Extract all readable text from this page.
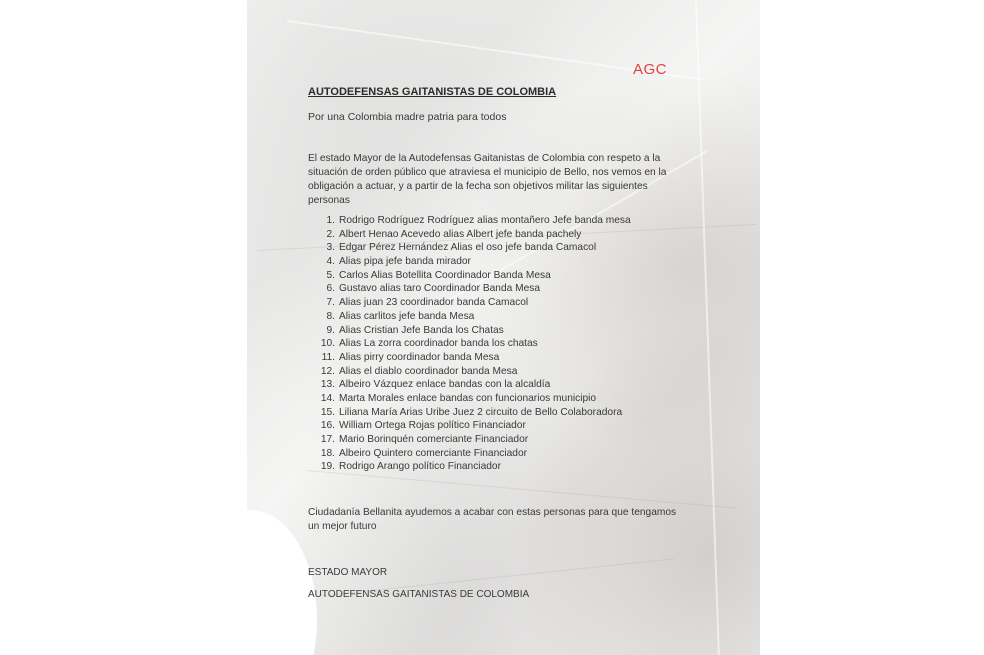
AGC
AUTODEFENSAS GAITANISTAS DE COLOMBIA
Por una Colombia madre patria para todos
El estado Mayor de la Autodefensas Gaitanistas de Colombia con respeto a la situación de orden público que atraviesa el municipio de Bello, nos vemos en la obligación a actuar, y a partir de la fecha son objetivos militar las siguientes personas
1. Rodrigo Rodríguez Rodríguez alias montañero Jefe banda mesa
2. Albert Henao Acevedo alias Albert jefe banda pachely
3. Edgar Pérez Hernández Alias el oso jefe banda Camacol
4. Alias pipa jefe banda mirador
5. Carlos Alias Botellita Coordinador Banda Mesa
6. Gustavo alias taro Coordinador Banda Mesa
7. Alias juan 23 coordinador banda Camacol
8. Alias carlitos jefe banda Mesa
9. Alias Cristian Jefe Banda los Chatas
10. Alias La zorra coordinador banda los chatas
11. Alias pirry coordinador banda Mesa
12. Alias el diablo coordinador banda Mesa
13. Albeiro Vázquez enlace bandas con la alcaldía
14. Marta Morales enlace bandas con funcionarios municipio
15. Liliana María Arias Uribe Juez 2 circuito de Bello Colaboradora
16. William Ortega Rojas político Financiador
17. Mario Borinquén comerciante Financiador
18. Albeiro Quintero comerciante Financiador
19. Rodrigo Arango político Financiador
Ciudadanía Bellanita ayudemos a acabar con estas personas para que tengamos un mejor futuro
ESTADO MAYOR
AUTODEFENSAS GAITANISTAS DE COLOMBIA
